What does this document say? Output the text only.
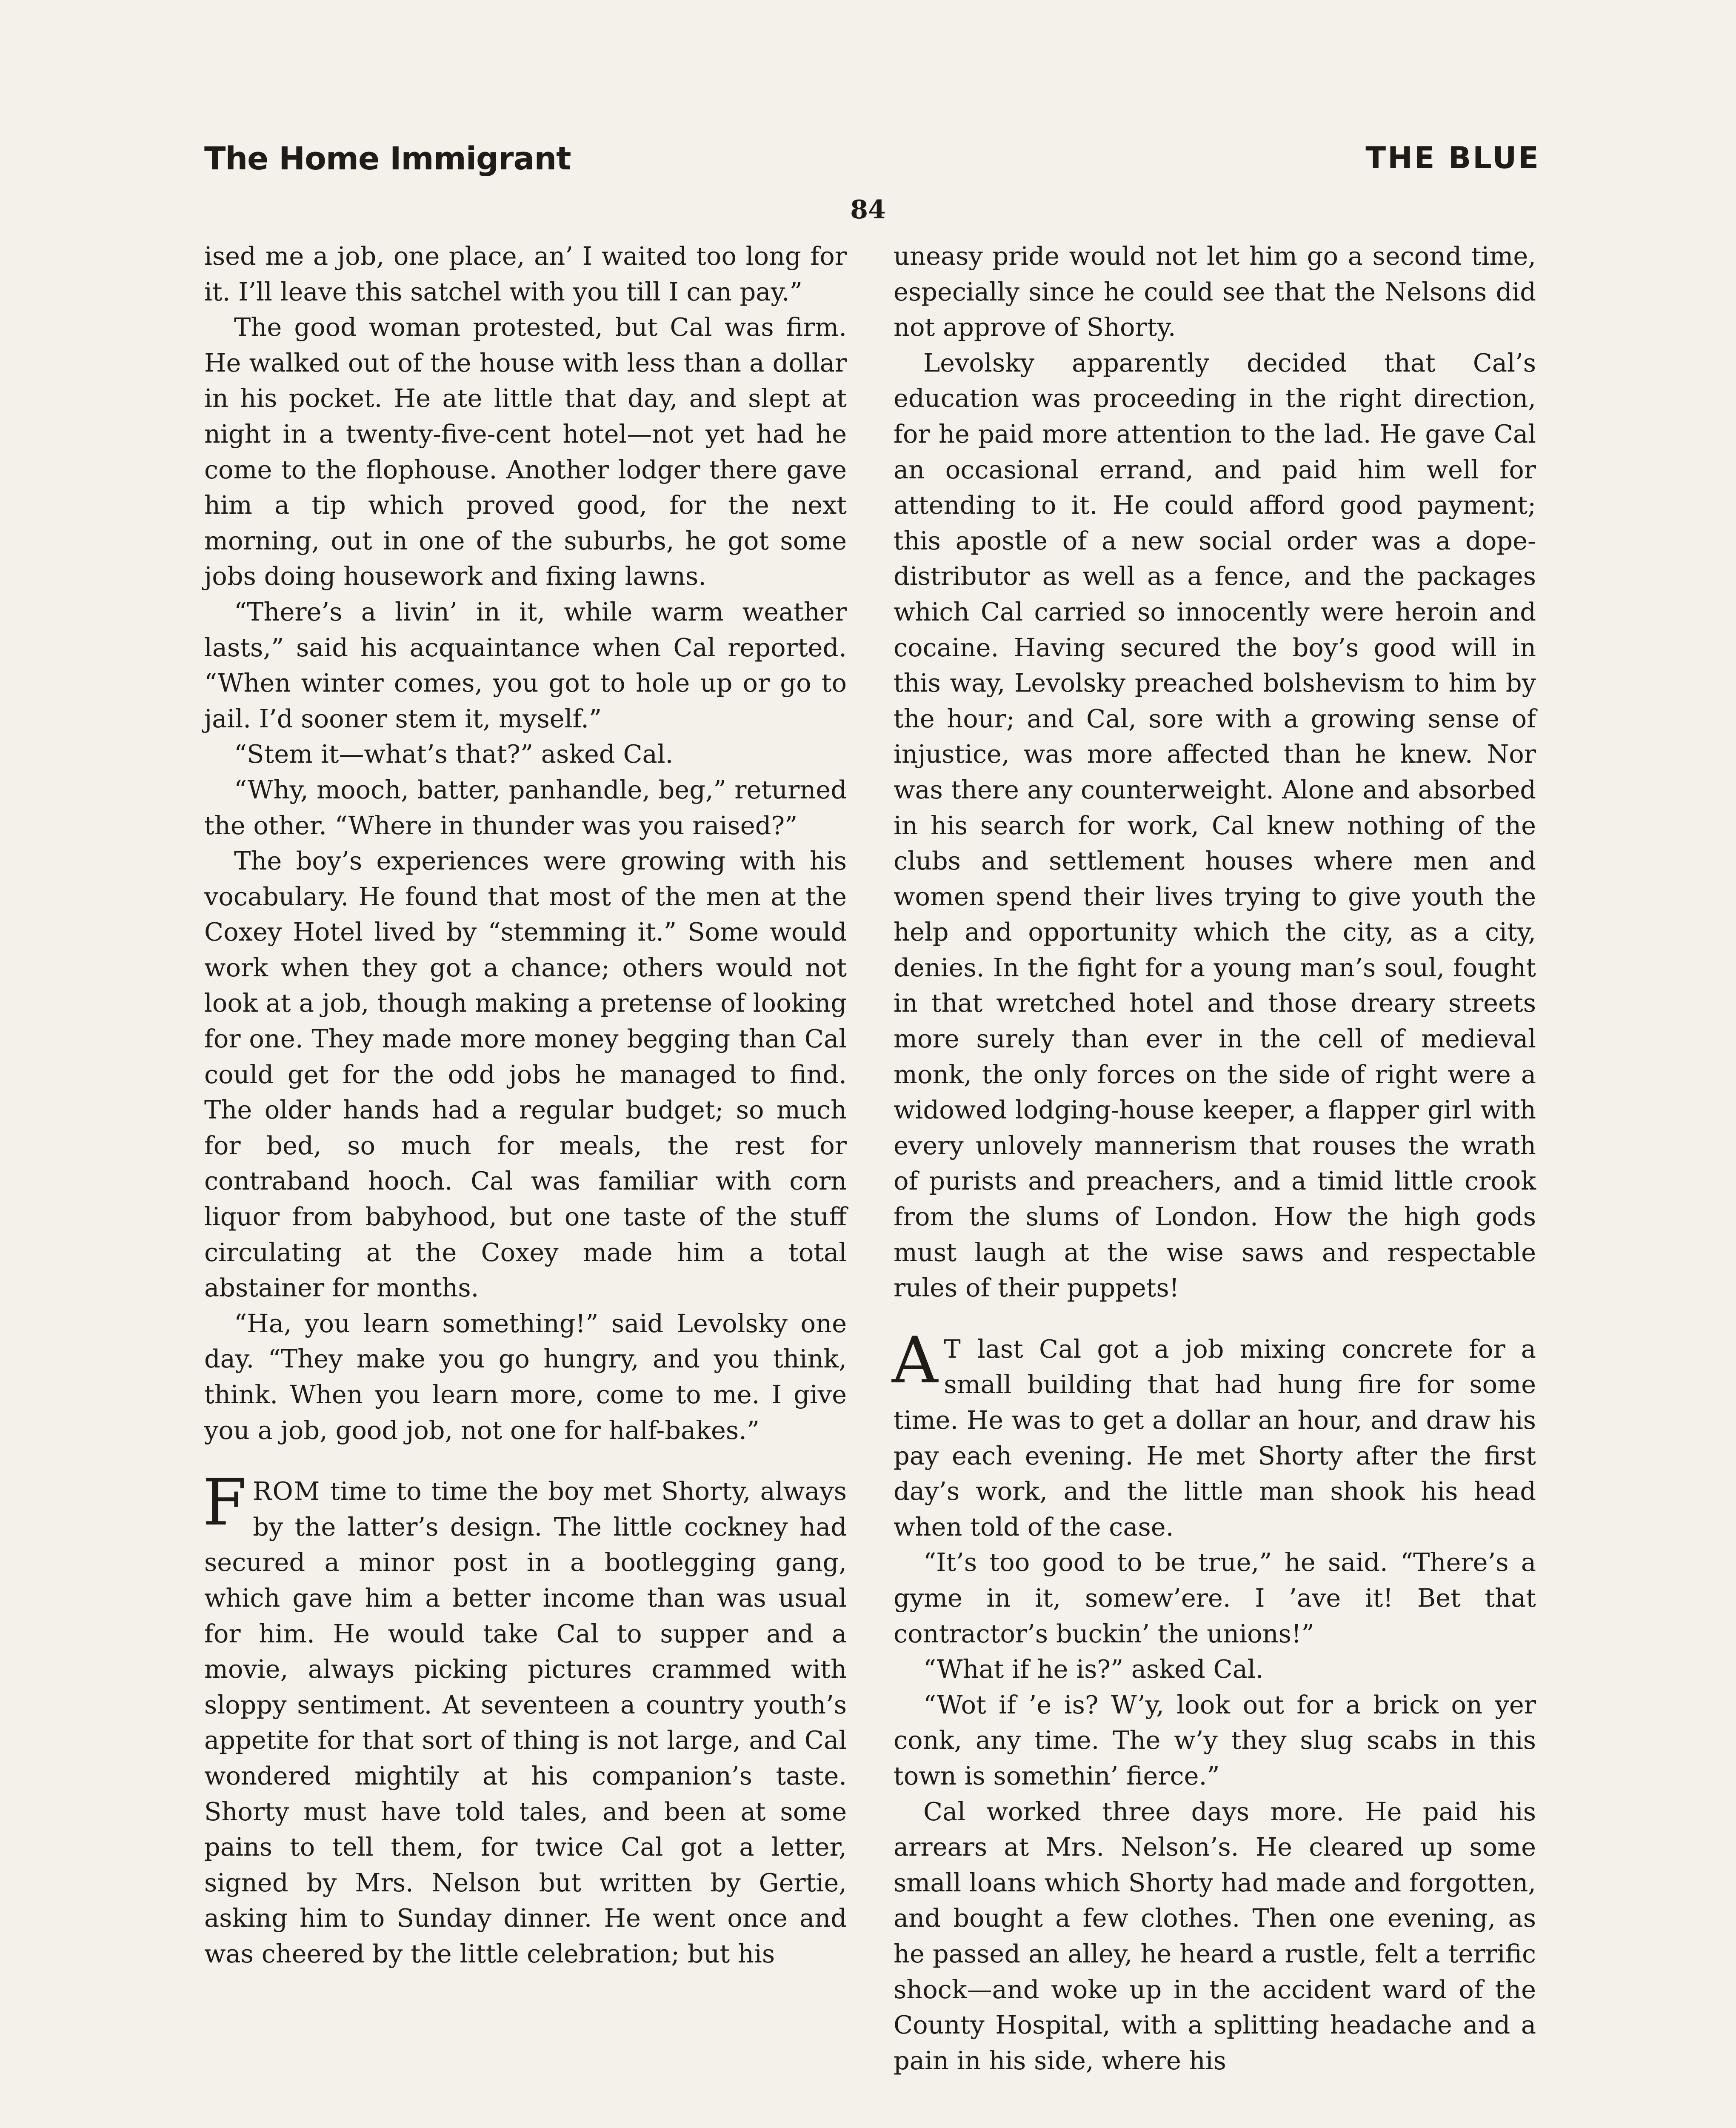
The Home Immigrant	THE BLUE
84

ised me a job, one place, an’ I waited too long for it. I’ll leave this satchel with you till I can pay.”

The good woman protested, but Cal was firm. He walked out of the house with less than a dollar in his pocket. He ate little that day, and slept at night in a twenty-five-cent hotel—not yet had he come to the flophouse. Another lodger there gave him a tip which proved good, for the next morning, out in one of the suburbs, he got some jobs doing housework and fixing lawns.

“There’s a livin’ in it, while warm weather lasts,” said his acquaintance when Cal reported. “When winter comes, you got to hole up or go to jail. I’d sooner stem it, myself.”

“Stem it—what’s that?” asked Cal.

“Why, mooch, batter, panhandle, beg,” returned the other. “Where in thunder was you raised?”

The boy’s experiences were growing with his vocabulary. He found that most of the men at the Coxey Hotel lived by “stemming it.” Some would work when they got a chance; others would not look at a job, though making a pretense of looking for one. They made more money begging than Cal could get for the odd jobs he managed to find. The older hands had a regular budget; so much for bed, so much for meals, the rest for contraband hooch. Cal was familiar with corn liquor from babyhood, but one taste of the stuff circulating at the Coxey made him a total abstainer for months.

“Ha, you learn something!” said Levolsky one day. “They make you go hungry, and you think, think. When you learn more, come to me. I give you a job, good job, not one for half-bakes.”

FROM time to time the boy met Shorty, always by the latter’s design. The little cockney had secured a minor post in a bootlegging gang, which gave him a better income than was usual for him. He would take Cal to supper and a movie, always picking pictures crammed with sloppy sentiment. At seventeen a country youth’s appetite for that sort of thing is not large, and Cal wondered mightily at his companion’s taste. Shorty must have told tales, and been at some pains to tell them, for twice Cal got a letter, signed by Mrs. Nelson but written by Gertie, asking him to Sunday dinner. He went once and was cheered by the little celebration; but his

uneasy pride would not let him go a second time, especially since he could see that the Nelsons did not approve of Shorty.

Levolsky apparently decided that Cal’s education was proceeding in the right direction, for he paid more attention to the lad. He gave Cal an occasional errand, and paid him well for attending to it. He could afford good payment; this apostle of a new social order was a dope-distributor as well as a fence, and the packages which Cal carried so innocently were heroin and cocaine. Having secured the boy’s good will in this way, Levolsky preached bolshevism to him by the hour; and Cal, sore with a growing sense of injustice, was more affected than he knew. Nor was there any counterweight. Alone and absorbed in his search for work, Cal knew nothing of the clubs and settlement houses where men and women spend their lives trying to give youth the help and opportunity which the city, as a city, denies. In the fight for a young man’s soul, fought in that wretched hotel and those dreary streets more surely than ever in the cell of medieval monk, the only forces on the side of right were a widowed lodging-house keeper, a flapper girl with every unlovely mannerism that rouses the wrath of purists and preachers, and a timid little crook from the slums of London. How the high gods must laugh at the wise saws and respectable rules of their puppets!

A T last Cal got a job mixing concrete for a small building that had hung fire for some time. He was to get a dollar an hour, and draw his pay each evening. He met Shorty after the first day’s work, and the little man shook his head when told of the case.

“It’s too good to be true,” he said. “There’s a gyme in it, somew’ere. I ’ave it! Bet that contractor’s buckin’ the unions!”

“What if he is?” asked Cal.

“Wot if ’e is? W’y, look out for a brick on yer conk, any time. The w’y they slug scabs in this town is somethin’ fierce.”

Cal worked three days more. He paid his arrears at Mrs. Nelson’s. He cleared up some small loans which Shorty had made and forgotten, and bought a few clothes. Then one evening, as he passed an alley, he heard a rustle, felt a terrific shock—and woke up in the accident ward of the County Hospital, with a splitting headache and a pain in his side, where his
